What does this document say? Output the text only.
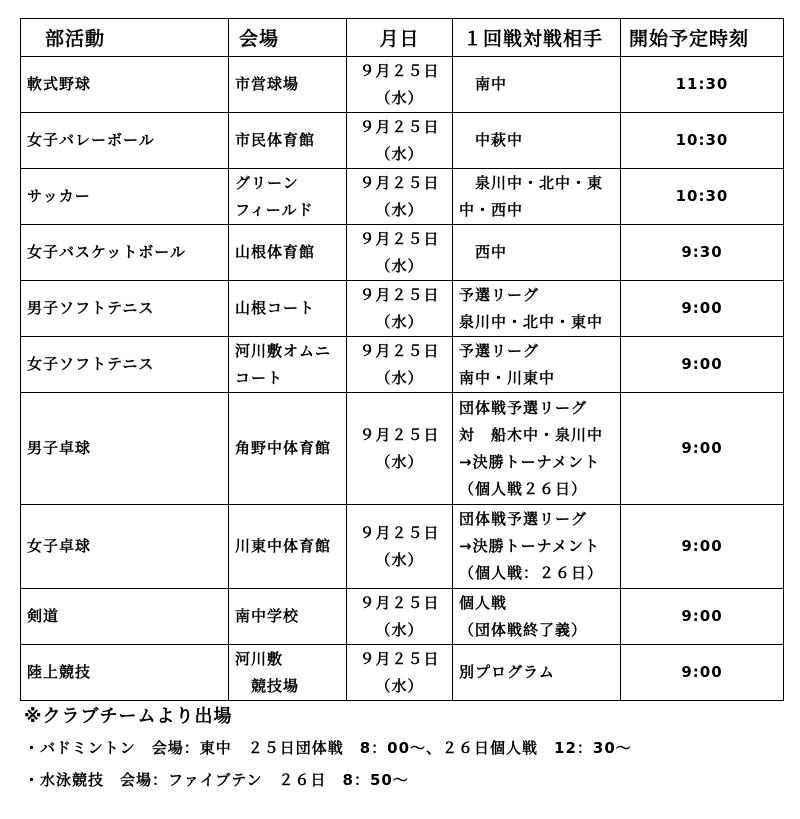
部活動	会場	月日	１回戦対戦相手	開始予定時刻
軟式野球	市営球場	９月２５日
（水）	　南中	11:30
女子バレーボール	市民体育館	９月２５日
（水）	　中萩中	10:30
サッカー	グリーン
フィールド	９月２５日
（水）	　泉川中・北中・東
中・西中	10:30
女子バスケットボール	山根体育館	９月２５日
（水）	　西中	9:30
男子ソフトテニス	山根コート	９月２５日
（水）	予選リーグ
泉川中・北中・東中	9:00
女子ソフトテニス	河川敷オムニ
コート	９月２５日
（水）	予選リーグ
南中・川東中	9:00
男子卓球	角野中体育館	９月２５日
（水）	団体戦予選リーグ
対　船木中・泉川中
→決勝トーナメント
（個人戦２６日）	9:00
女子卓球	川東中体育館	９月２５日
（水）	団体戦予選リーグ
→決勝トーナメント
（個人戦：２６日）	9:00
剣道	南中学校	９月２５日
（水）	個人戦
（団体戦終了義）	9:00
陸上競技	河川敷
　競技場	９月２５日
（水）	別プログラム	9:00
※クラブチームより出場
・バドミントン　会場：東中　２５日団体戦　8：00～、２６日個人戦　12：30～
・水泳競技　会場：ファイブテン　２６日　8：50～
